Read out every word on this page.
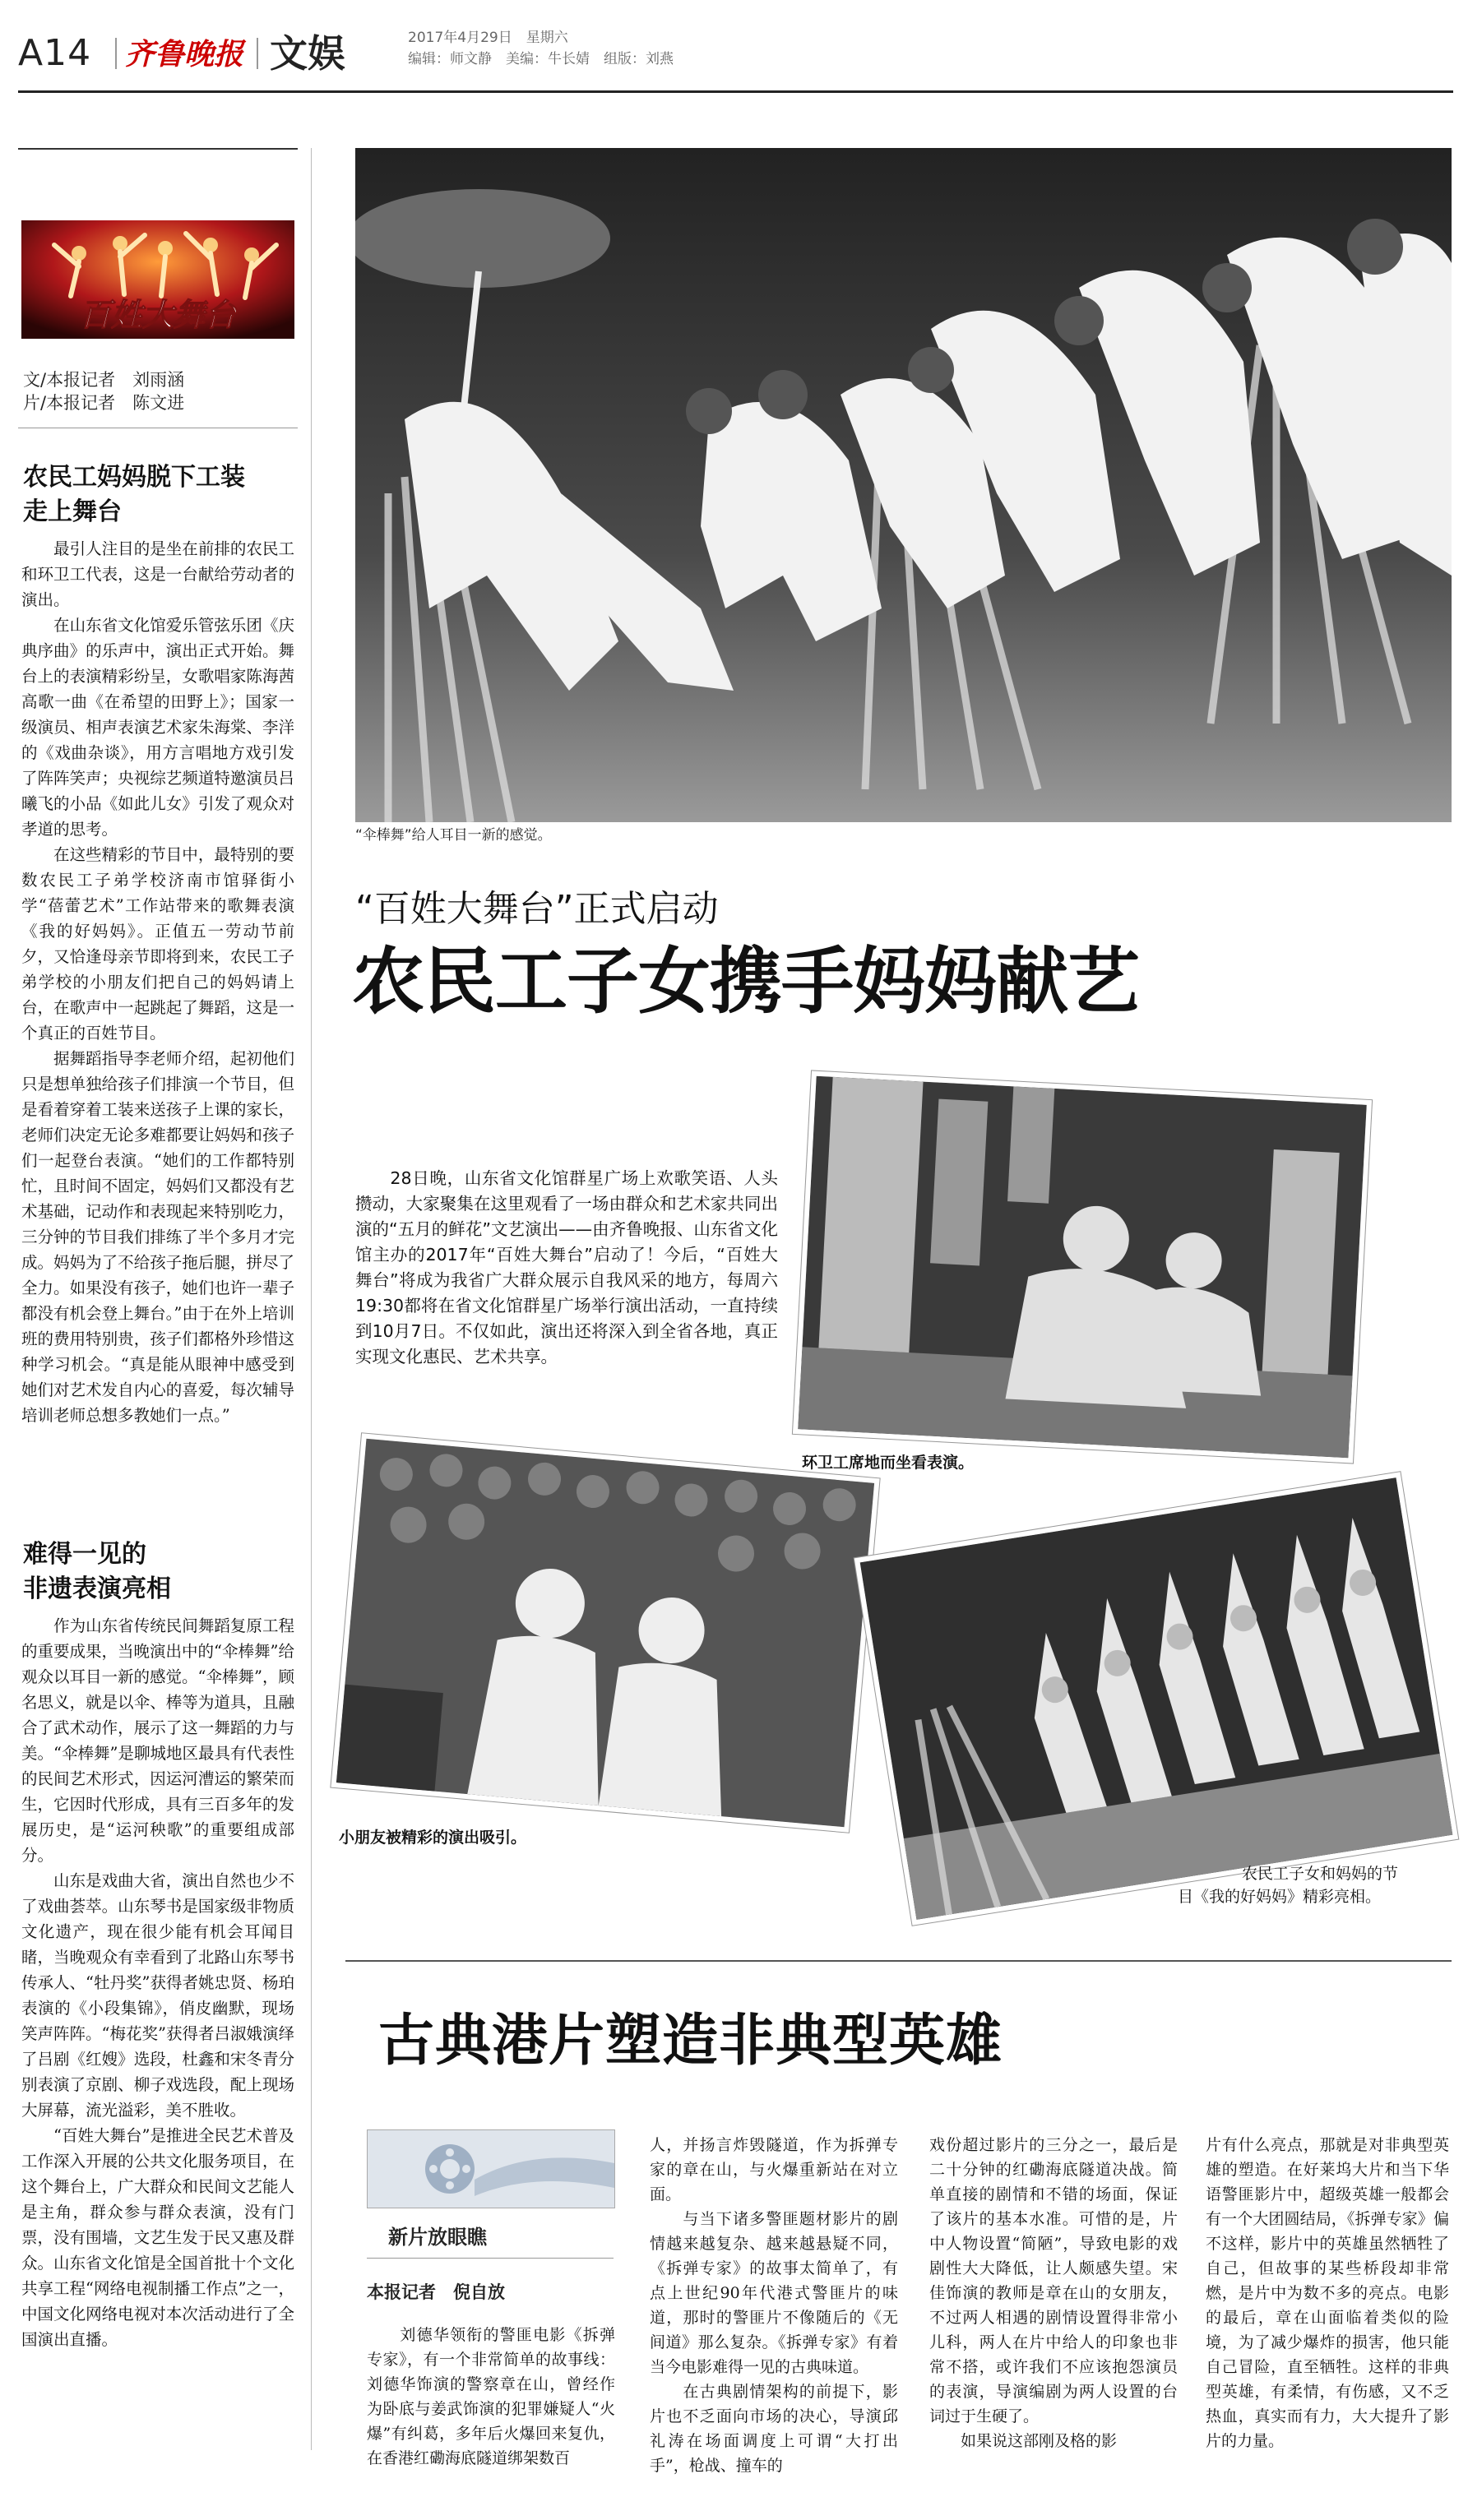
A14 齐鲁晚报 文娱	2017年4月29日　星期六
编辑：师文静　美编：牛长婧　组版：刘燕
百姓大舞台
文/本报记者　刘雨涵
片/本报记者　陈文进

农民工妈妈脱下工装
走上舞台

　　最引人注目的是坐在前排的农民工和环卫工代表，这是一台献给劳动者的演出。
　　在山东省文化馆爱乐管弦乐团《庆典序曲》的乐声中，演出正式开始。舞台上的表演精彩纷呈，女歌唱家陈海茜高歌一曲《在希望的田野上》；国家一级演员、相声表演艺术家朱海棠、李洋的《戏曲杂谈》，用方言唱地方戏引发了阵阵笑声；央视综艺频道特邀演员吕曦飞的小品《如此儿女》引发了观众对孝道的思考。
　　在这些精彩的节目中，最特别的要数农民工子弟学校济南市馆驿街小学“蓓蕾艺术”工作站带来的歌舞表演《我的好妈妈》。正值五一劳动节前夕，又恰逢母亲节即将到来，农民工子弟学校的小朋友们把自己的妈妈请上台，在歌声中一起跳起了舞蹈，这是一个真正的百姓节目。
　　据舞蹈指导李老师介绍，起初他们只是想单独给孩子们排演一个节目，但是看着穿着工装来送孩子上课的家长，老师们决定无论多难都要让妈妈和孩子们一起登台表演。“她们的工作都特别忙，且时间不固定，妈妈们又都没有艺术基础，记动作和表现起来特别吃力，三分钟的节目我们排练了半个多月才完成。妈妈为了不给孩子拖后腿，拼尽了全力。如果没有孩子，她们也许一辈子都没有机会登上舞台。”由于在外上培训班的费用特别贵，孩子们都格外珍惜这种学习机会。“真是能从眼神中感受到她们对艺术发自内心的喜爱，每次辅导培训老师总想多教她们一点。”

难得一见的
非遗表演亮相

　　作为山东省传统民间舞蹈复原工程的重要成果，当晚演出中的“伞棒舞”给观众以耳目一新的感觉。“伞棒舞”，顾名思义，就是以伞、棒等为道具，且融合了武术动作，展示了这一舞蹈的力与美。“伞棒舞”是聊城地区最具有代表性的民间艺术形式，因运河漕运的繁荣而生，它因时代形成，具有三百多年的发展历史，是“运河秧歌”的重要组成部分。
　　山东是戏曲大省，演出自然也少不了戏曲荟萃。山东琴书是国家级非物质文化遗产，现在很少能有机会耳闻目睹，当晚观众有幸看到了北路山东琴书传承人、“牡丹奖”获得者姚忠贤、杨珀表演的《小段集锦》，俏皮幽默，现场笑声阵阵。“梅花奖”获得者吕淑娥演绎了吕剧《红嫂》选段，杜鑫和宋冬青分别表演了京剧、柳子戏选段，配上现场大屏幕，流光溢彩，美不胜收。
　　“百姓大舞台”是推进全民艺术普及工作深入开展的公共文化服务项目，在这个舞台上，广大群众和民间文艺能人是主角，群众参与群众表演，没有门票，没有围墙，文艺生发于民又惠及群众。山东省文化馆是全国首批十个文化共享工程“网络电视制播工作点”之一，中国文化网络电视对本次活动进行了全国演出直播。

“伞棒舞”给人耳目一新的感觉。
“百姓大舞台”正式启动
农民工子女携手妈妈献艺

　　28日晚，山东省文化馆群星广场上欢歌笑语、人头攒动，大家聚集在这里观看了一场由群众和艺术家共同出演的“五月的鲜花”文艺演出——由齐鲁晚报、山东省文化馆主办的2017年“百姓大舞台”启动了！今后，“百姓大舞台”将成为我省广大群众展示自我风采的地方，每周六19:30都将在省文化馆群星广场举行演出活动，一直持续到10月7日。不仅如此，演出还将深入到全省各地，真正实现文化惠民、艺术共享。

环卫工席地而坐看表演。
小朋友被精彩的演出吸引。
农民工子女和妈妈的节
目《我的好妈妈》精彩亮相。
古典港片塑造非典型英雄
新片放眼瞧
本报记者　倪自放

　　刘德华领衔的警匪电影《拆弹专家》，有一个非常简单的故事线：刘德华饰演的警察章在山，曾经作为卧底与姜武饰演的犯罪嫌疑人“火爆”有纠葛，多年后火爆回来复仇，在香港红磡海底隧道绑架数百

人，并扬言炸毁隧道，作为拆弹专家的章在山，与火爆重新站在对立面。
　　与当下诸多警匪题材影片的剧情越来越复杂、越来越悬疑不同，《拆弹专家》的故事太简单了，有点上世纪90年代港式警匪片的味道，那时的警匪片不像随后的《无间道》那么复杂。《拆弹专家》有着当今电影难得一见的古典味道。
　　在古典剧情架构的前提下，影片也不乏面向市场的决心，导演邱礼涛在场面调度上可谓“大打出手”，枪战、撞车的

戏份超过影片的三分之一，最后是二十分钟的红磡海底隧道决战。简单直接的剧情和不错的场面，保证了该片的基本水准。可惜的是，片中人物设置“简陋”，导致电影的戏剧性大大降低，让人颇感失望。宋佳饰演的教师是章在山的女朋友，不过两人相遇的剧情设置得非常小儿科，两人在片中给人的印象也非常不搭，或许我们不应该抱怨演员的表演，导演编剧为两人设置的台词过于生硬了。
　　如果说这部刚及格的影

片有什么亮点，那就是对非典型英雄的塑造。在好莱坞大片和当下华语警匪影片中，超级英雄一般都会有一个大团圆结局，《拆弹专家》偏不这样，影片中的英雄虽然牺牲了自己，但故事的某些桥段却非常燃，是片中为数不多的亮点。电影的最后，章在山面临着类似的险境，为了减少爆炸的损害，他只能自己冒险，直至牺牲。这样的非典型英雄，有柔情，有伤感，又不乏热血，真实而有力，大大提升了影片的力量。
